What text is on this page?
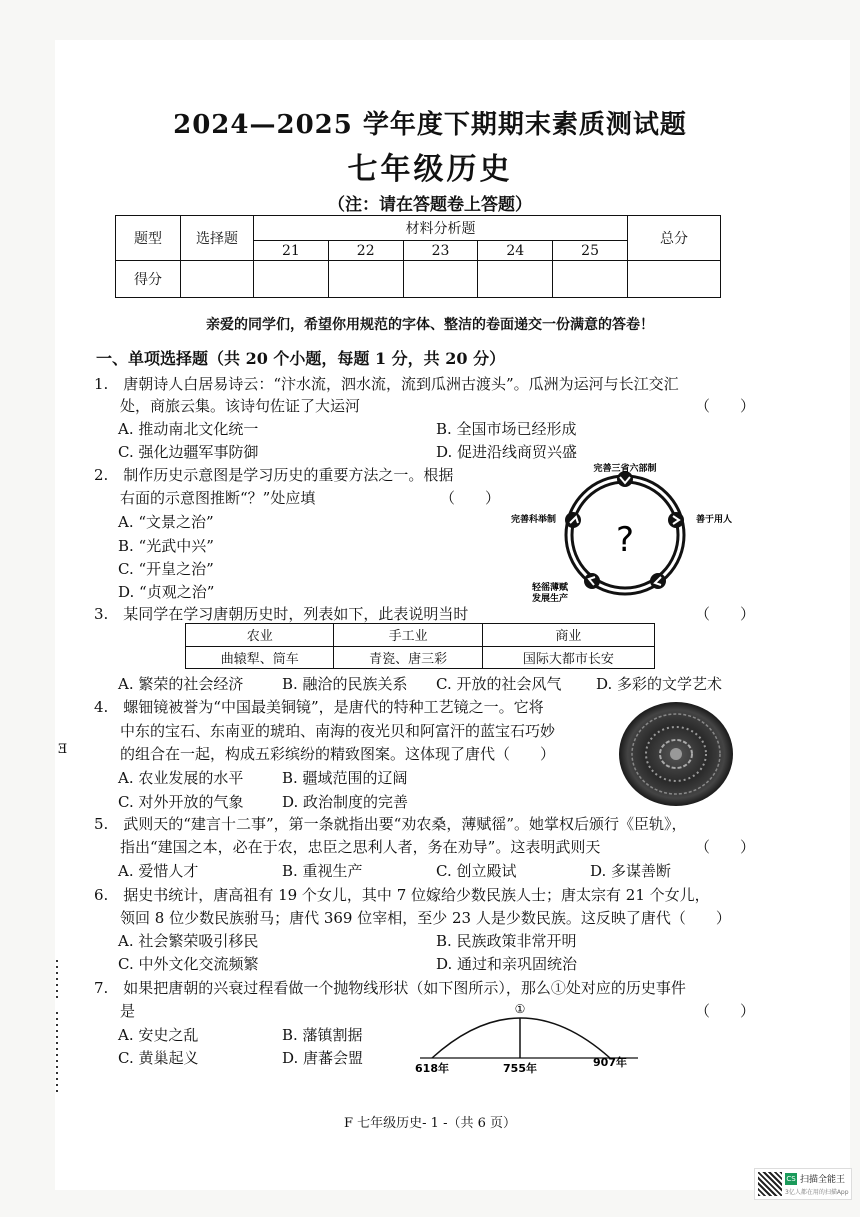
2024—2025 学年度下期期末素质测试题
七年级历史
（注：请在答题卷上答题）
题型	选择题	材料分析题					总分
		21	22	23	24	25	
得分							
亲爱的同学们，希望你用规范的字体、整洁的卷面递交一份满意的答卷！
一、单项选择题（共 20 个小题，每题 1 分，共 20 分）
1.　唐朝诗人白居易诗云：“汴水流，泗水流，流到瓜洲古渡头”。瓜洲为运河与长江交汇
处，商旅云集。该诗句佐证了大运河	（　　）
A. 推动南北文化统一	B. 全国市场已经形成
C. 强化边疆军事防御	D. 促进沿线商贸兴盛
2.　制作历史示意图是学习历史的重要方法之一。根据
右面的示意图推断“？”处应填	（　　）
A. “文景之治”
B. “光武中兴”
C. “开皇之治”
D. “贞观之治”
?
完善三省六部制
善于用人
完善科举制
轻徭薄赋
发展生产
3.　某同学在学习唐朝历史时，列表如下，此表说明当时	（　　）
农业	手工业	商业
曲辕犁、筒车	青瓷、唐三彩	国际大都市长安
A. 繁荣的社会经济	B. 融洽的民族关系 C. 开放的社会风气 D. 多彩的文学艺术
4.　螺钿镜被誉为“中国最美铜镜”，是唐代的特种工艺镜之一。它将
中东的宝石、东南亚的琥珀、南海的夜光贝和阿富汗的蓝宝石巧妙
的组合在一起，构成五彩缤纷的精致图案。这体现了唐代（　　）
A. 农业发展的水平	B. 疆域范围的辽阔
C. 对外开放的气象	D. 政治制度的完善
5.　武则天的“建言十二事”，第一条就指出要“劝农桑，薄赋徭”。她掌权后颁行《臣轨》，
指出“建国之本，必在于农，忠臣之思利人者，务在劝导”。这表明武则天	（　　）
A. 爱惜人才	B. 重视生产	C. 创立殿试	D. 多谋善断
6.　据史书统计，唐高祖有 19 个女儿，其中 7 位嫁给少数民族人士；唐太宗有 21 个女儿，
领回 8 位少数民族驸马；唐代 369 位宰相，至少 23 人是少数民族。这反映了唐代（　　）
A. 社会繁荣吸引移民	B. 民族政策非常开明
C. 中外文化交流频繁	D. 通过和亲巩固统治
7.　如果把唐朝的兴衰过程看做一个抛物线形状（如下图所示），那么①处对应的历史事件
是	（　　）
A. 安史之乱	B. 藩镇割据
C. 黄巢起义	D. 唐蕃会盟
①
618年	755年	907年
F 七年级历史- 1 -（共 6 页）
Ǝ
CS 扫描全能王
3亿人都在用的扫描App
